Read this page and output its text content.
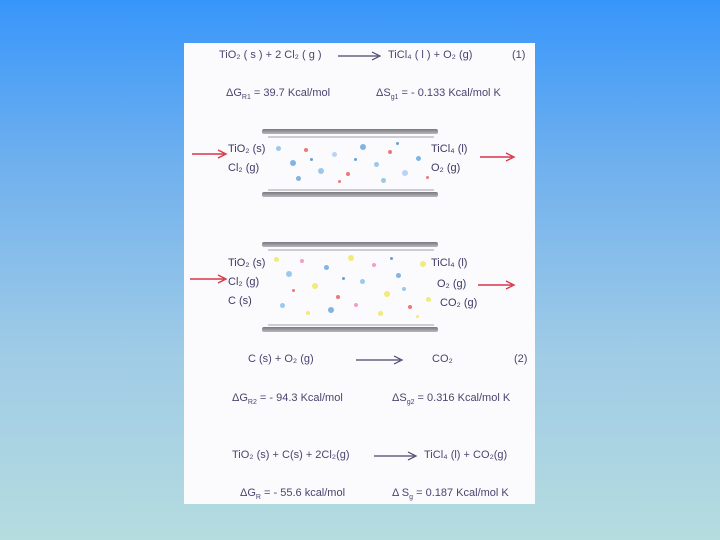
TiO₂ ( s ) + 2 Cl₂ ( g ) → TiCl₄ ( l ) + O₂ (g)	(1)
$\Delta G_{R1} = 39.7$ Kcal/mol	$\Delta S_{g1}$ = - 0.133 Kcal/mol K
TiO₂ (s)
Cl₂ (g)
TiCl₄ (l)
O₂ (g)
TiO₂ (s)
Cl₂ (g)
C (s)
TiCl₄ (l)
O₂ (g)
CO₂ (g)
C (s) + O₂ (g)	CO₂	(2)
$\Delta G_{R2}$ = - 94.3 Kcal/mol	$\Delta S_{g2} = 0.316$ Kcal/mol K
TiO₂ (s) + C(s) + 2Cl₂(g) → TiCl₄ (l) + CO₂(g)
$\Delta G_R$ = - 55.6 kcal/mol	Δ $S_g = 0.187$ Kcal/mol K
